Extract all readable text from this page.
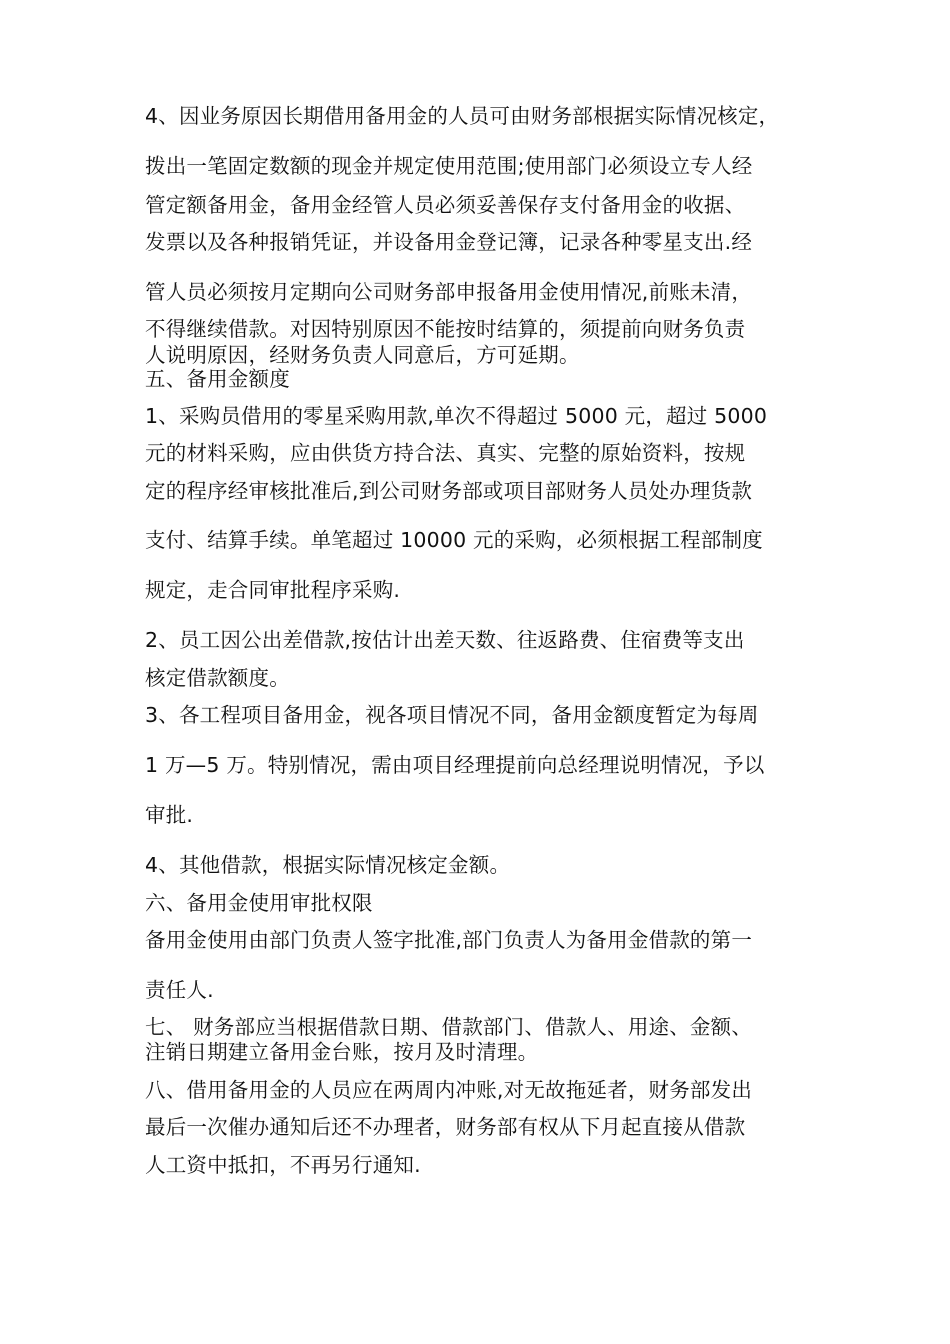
4、因业务原因长期借用备用金的人员可由财务部根据实际情况核定，
拨出一笔固定数额的现金并规定使用范围;使用部门必须设立专人经
管定额备用金，备用金经管人员必须妥善保存支付备用金的收据、
发票以及各种报销凭证，并设备用金登记簿，记录各种零星支出.经
管人员必须按月定期向公司财务部申报备用金使用情况,前账未清，
不得继续借款。对因特别原因不能按时结算的，须提前向财务负责
人说明原因，经财务负责人同意后，方可延期。
五、备用金额度
1、采购员借用的零星采购用款,单次不得超过 5000 元，超过 5000
元的材料采购，应由供货方持合法、真实、完整的原始资料，按规
定的程序经审核批准后,到公司财务部或项目部财务人员处办理货款
支付、结算手续。单笔超过 10000 元的采购，必须根据工程部制度
规定，走合同审批程序采购.
2、员工因公出差借款,按估计出差天数、往返路费、住宿费等支出
核定借款额度。
3、各工程项目备用金，视各项目情况不同，备用金额度暂定为每周
1 万—5 万。特别情况，需由项目经理提前向总经理说明情况，予以
审批.
4、其他借款，根据实际情况核定金额。
六、备用金使用审批权限
备用金使用由部门负责人签字批准,部门负责人为备用金借款的第一
责任人.
七、 财务部应当根据借款日期、借款部门、借款人、用途、金额、
注销日期建立备用金台账，按月及时清理。
八、借用备用金的人员应在两周内冲账,对无故拖延者，财务部发出
最后一次催办通知后还不办理者，财务部有权从下月起直接从借款
人工资中抵扣，不再另行通知.
